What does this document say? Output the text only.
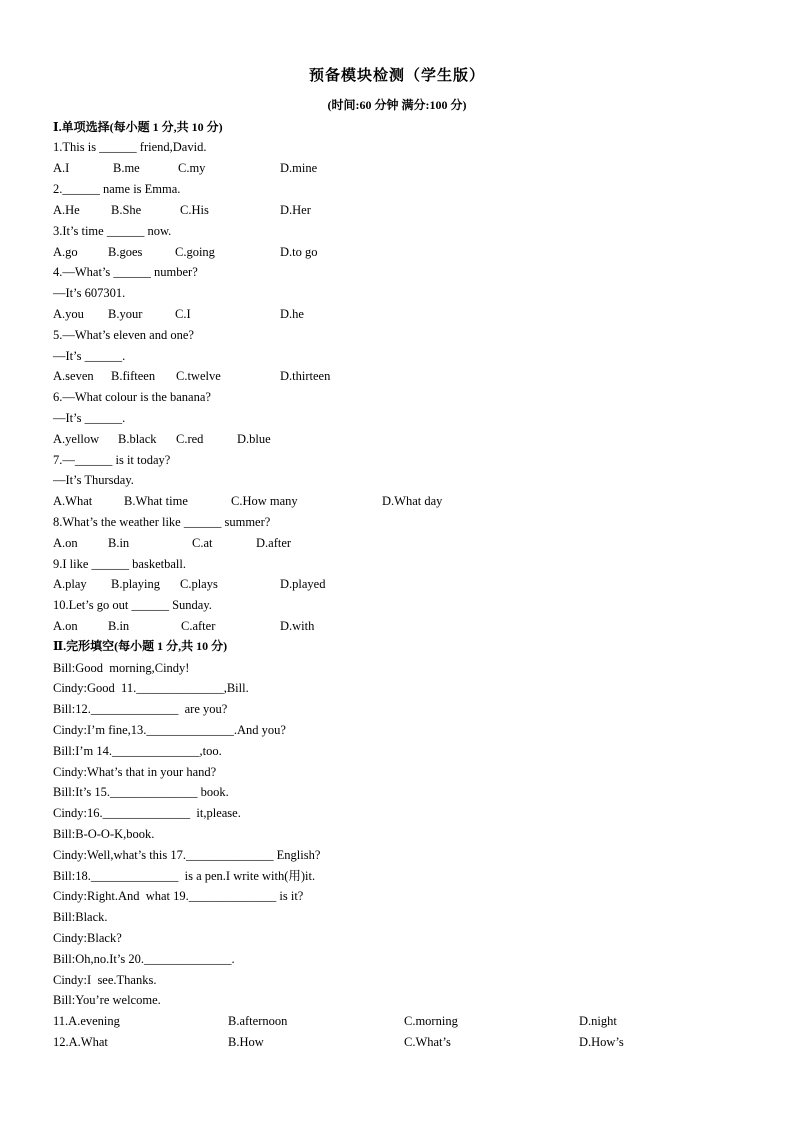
预备模块检测（学生版）
(时间:60 分钟 满分:100 分)
Ⅰ.单项选择(每小题 1 分,共 10 分)
1.This is ______ friend,David.
A.I	B.me	C.my	D.mine
2.______ name is Emma.
A.He	B.She	C.His	D.Her
3.It’s time ______ now.
A.go B.goes	C.going	D.to go
4.—What’s ______ number?
—It’s 607301.
A.you B.your	C.I	D.he
5.—What’s eleven and one?
—It’s ______.
A.seven B.fifteen C.twelve	D.thirteen
6.—What colour is the banana?
—It’s ______.
A.yellow B.black C.red	D.blue
7.—______ is it today?
—It’s Thursday.
A.What	B.What time	C.How many	D.What day
8.What’s the weather like ______ summer?
A.on B.in	C.at	D.after
9.I like ______ basketball.
A.play B.playing C.plays	D.played
10.Let’s go out ______ Sunday.
A.on B.in	C.after	D.with
Ⅱ.完形填空(每小题 1 分,共 10 分)
Bill:Good  morning,Cindy!
Cindy:Good  11.______________,Bill.
Bill:12.______________  are you?
Cindy:I’m fine,13.______________.And you?
Bill:I’m 14.______________,too.
Cindy:What’s that in your hand?
Bill:It’s 15.______________ book.
Cindy:16.______________  it,please.
Bill:B-O-O-K,book.
Cindy:Well,what’s this 17.______________ English?
Bill:18.______________  is a pen.I write with(用)it.
Cindy:Right.And  what 19.______________ is it?
Bill:Black.
Cindy:Black?
Bill:Oh,no.It’s 20.______________.
Cindy:I  see.Thanks.
Bill:You’re welcome.
11.A.evening	B.afternoon	C.morning	D.night
12.A.What	B.How	C.What’s	D.How’s
